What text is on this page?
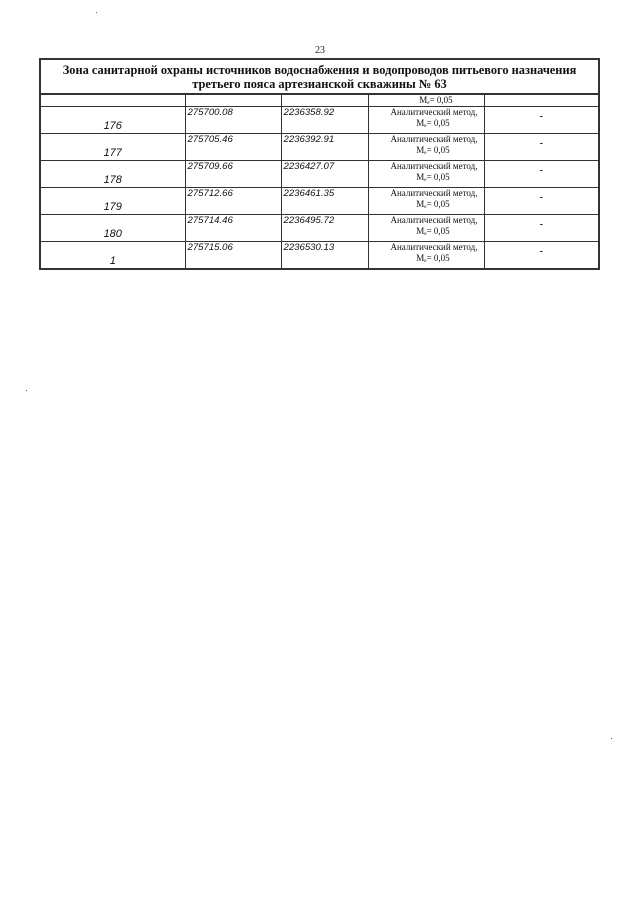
23
Зона санитарной охраны источников водоснабжения и водопроводов питьевого назначения
третьего пояса артезианской скважины № 63				

			Мₑ= 0,05	
176	275700.08	2236358.92	Аналитический метод,
Мₑ= 0,05	-
177	275705.46	2236392.91	Аналитический метод,
Мₑ= 0,05	-
178	275709.66	2236427.07	Аналитический метод,
Мₑ= 0,05	-
179	275712.66	2236461.35	Аналитический метод,
Мₑ= 0,05	-
180	275714.46	2236495.72	Аналитический метод,
Мₑ= 0,05	-
1	275715.06	2236530.13	Аналитический метод,
Мₑ= 0,05	-
